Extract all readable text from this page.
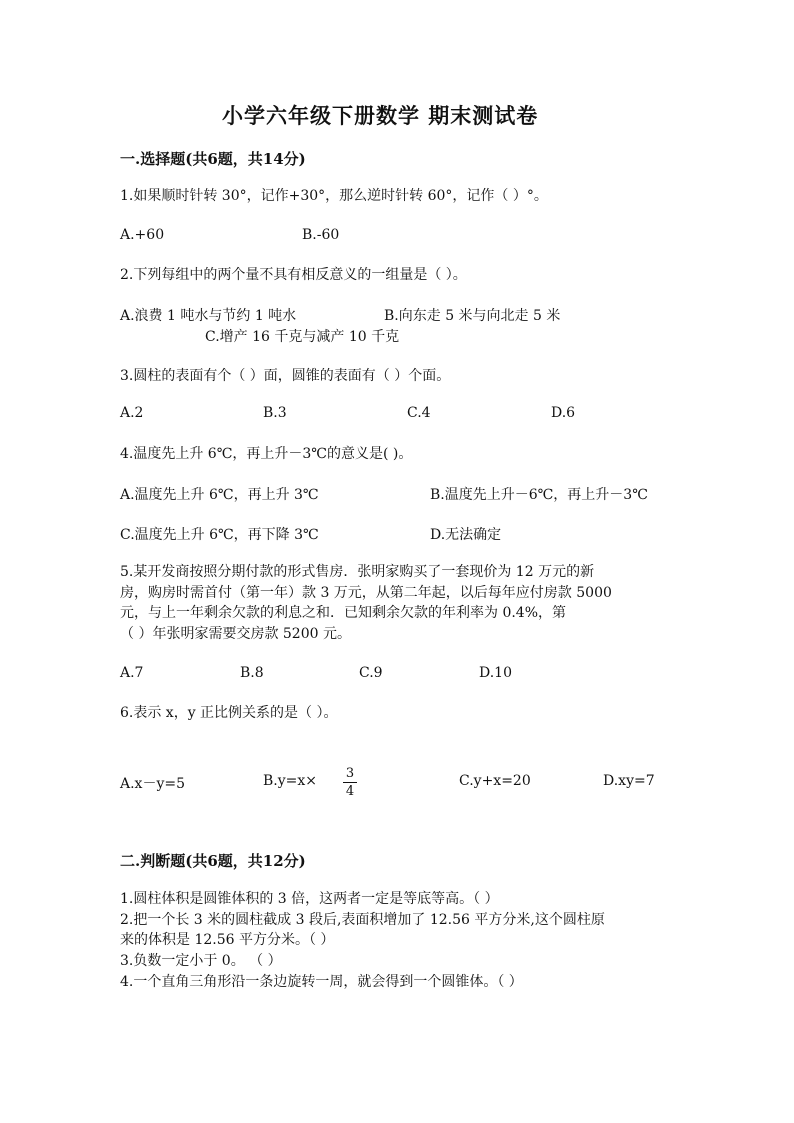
小学六年级下册数学 期末测试卷
一.选择题(共6题，共14分)
1.如果顺时针转 30°，记作+30°，那么逆时针转 60°，记作（ ）°。
A.+60	B.-60
2.下列每组中的两个量不具有相反意义的一组量是（ ）。
A.浪费 1 吨水与节约 1 吨水	B.向东走 5 米与向北走 5 米
C.增产 16 千克与减产 10 千克
3.圆柱的表面有个（ ）面，圆锥的表面有（ ）个面。
A.2	B.3	C.4	D.6
4.温度先上升 6℃，再上升－3℃的意义是( )。
A.温度先上升 6℃，再上升 3℃	B.温度先上升－6℃，再上升－3℃
C.温度先上升 6℃，再下降 3℃	D.无法确定
5.某开发商按照分期付款的形式售房．张明家购买了一套现价为 12 万元的新
房，购房时需首付（第一年）款 3 万元，从第二年起，以后每年应付房款 5000
元，与上一年剩余欠款的利息之和．已知剩余欠款的年利率为 0.4%，第
（ ）年张明家需要交房款 5200 元。
A.7	B.8	C.9	D.10
6.表示 x，y 正比例关系的是（ ）。
A.x－y=5	B.y=x× 3
4
C.y+x=20	D.xy=7
二.判断题(共6题，共12分)
1.圆柱体积是圆锥体积的 3 倍，这两者一定是等底等高。（ ）
2.把一个长 3 米的圆柱截成 3 段后,表面积增加了 12.56 平方分米,这个圆柱原
来的体积是 12.56 平方分米。（ ）
3.负数一定小于 0。 （ ）
4.一个直角三角形沿一条边旋转一周，就会得到一个圆锥体。（ ）
